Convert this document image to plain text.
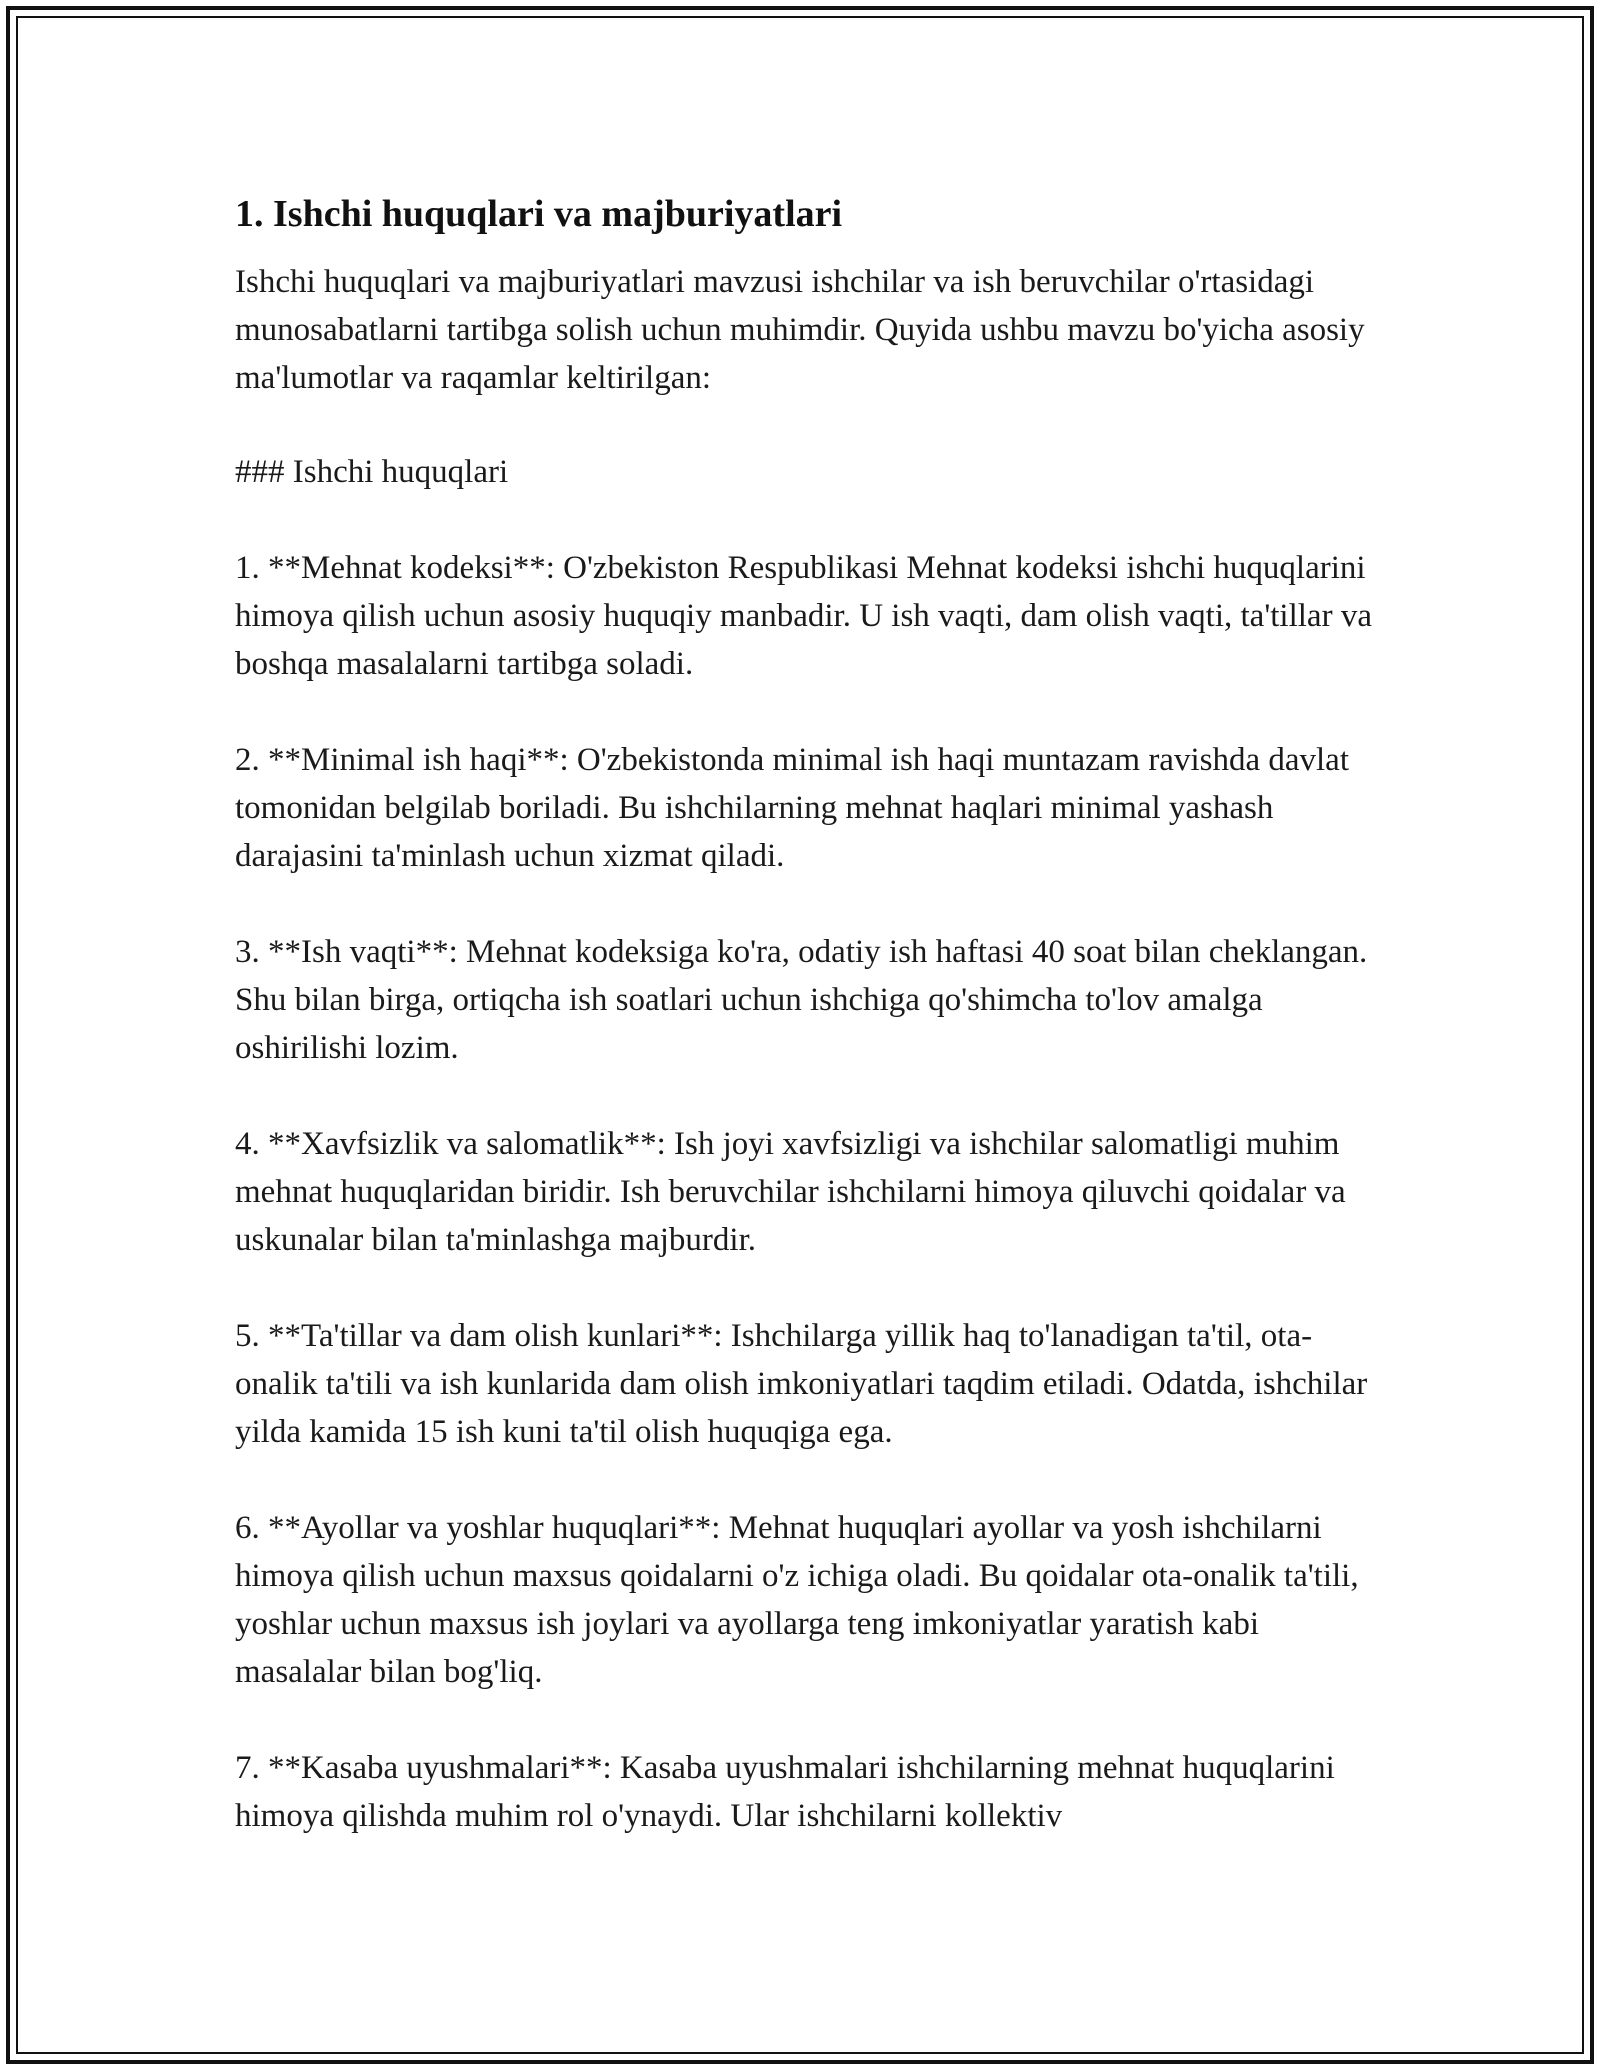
1. Ishchi huquqlari va majburiyatlari

Ishchi huquqlari va majburiyatlari mavzusi ishchilar va ish beruvchilar o'rtasidagi munosabatlarni tartibga solish uchun muhimdir. Quyida ushbu mavzu bo'yicha asosiy ma'lumotlar va raqamlar keltirilgan:

### Ishchi huquqlari

1. **Mehnat kodeksi**: O'zbekiston Respublikasi Mehnat kodeksi ishchi huquqlarini himoya qilish uchun asosiy huquqiy manbadir. U ish vaqti, dam olish vaqti, ta'tillar va boshqa masalalarni tartibga soladi.

2. **Minimal ish haqi**: O'zbekistonda minimal ish haqi muntazam ravishda davlat tomonidan belgilab boriladi. Bu ishchilarning mehnat haqlari minimal yashash darajasini ta'minlash uchun xizmat qiladi.

3. **Ish vaqti**: Mehnat kodeksiga ko'ra, odatiy ish haftasi 40 soat bilan cheklangan. Shu bilan birga, ortiqcha ish soatlari uchun ishchiga qo'shimcha to'lov amalga oshirilishi lozim.

4. **Xavfsizlik va salomatlik**: Ish joyi xavfsizligi va ishchilar salomatligi muhim mehnat huquqlaridan biridir. Ish beruvchilar ishchilarni himoya qiluvchi qoidalar va uskunalar bilan ta'minlashga majburdir.

5. **Ta'tillar va dam olish kunlari**: Ishchilarga yillik haq to'lanadigan ta'til, ota-onalik ta'tili va ish kunlarida dam olish imkoniyatlari taqdim etiladi. Odatda, ishchilar yilda kamida 15 ish kuni ta'til olish huquqiga ega.

6. **Ayollar va yoshlar huquqlari**: Mehnat huquqlari ayollar va yosh ishchilarni himoya qilish uchun maxsus qoidalarni o'z ichiga oladi. Bu qoidalar ota-onalik ta'tili, yoshlar uchun maxsus ish joylari va ayollarga teng imkoniyatlar yaratish kabi masalalar bilan bog'liq.

7. **Kasaba uyushmalari**: Kasaba uyushmalari ishchilarning mehnat huquqlarini himoya qilishda muhim rol o'ynaydi. Ular ishchilarni kollektiv
